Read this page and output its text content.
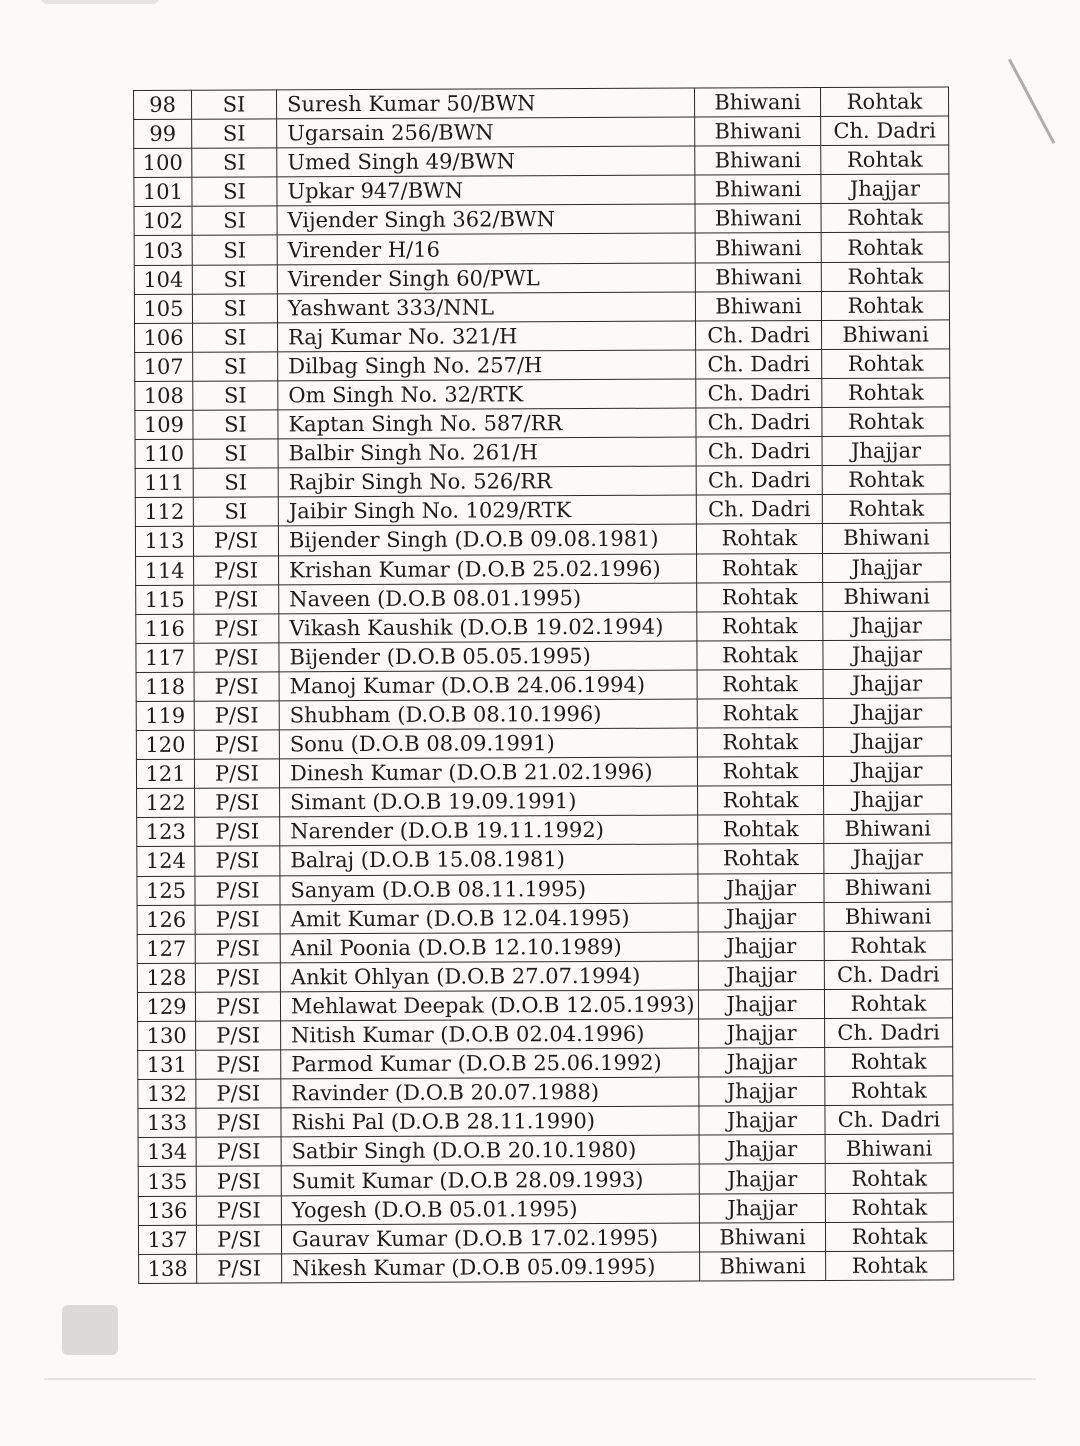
98	SI	Suresh Kumar 50/BWN	Bhiwani	Rohtak
99	SI	Ugarsain 256/BWN	Bhiwani	Ch. Dadri
100	SI	Umed Singh 49/BWN	Bhiwani	Rohtak
101	SI	Upkar 947/BWN	Bhiwani	Jhajjar
102	SI	Vijender Singh 362/BWN	Bhiwani	Rohtak
103	SI	Virender H/16	Bhiwani	Rohtak
104	SI	Virender Singh 60/PWL	Bhiwani	Rohtak
105	SI	Yashwant 333/NNL	Bhiwani	Rohtak
106	SI	Raj Kumar No. 321/H	Ch. Dadri	Bhiwani
107	SI	Dilbag Singh No. 257/H	Ch. Dadri	Rohtak
108	SI	Om Singh No. 32/RTK	Ch. Dadri	Rohtak
109	SI	Kaptan Singh No. 587/RR	Ch. Dadri	Rohtak
110	SI	Balbir Singh No. 261/H	Ch. Dadri	Jhajjar
111	SI	Rajbir Singh No. 526/RR	Ch. Dadri	Rohtak
112	SI	Jaibir Singh No. 1029/RTK	Ch. Dadri	Rohtak
113	P/SI	Bijender Singh (D.O.B 09.08.1981)	Rohtak	Bhiwani
114	P/SI	Krishan Kumar (D.O.B 25.02.1996)	Rohtak	Jhajjar
115	P/SI	Naveen (D.O.B 08.01.1995)	Rohtak	Bhiwani
116	P/SI	Vikash Kaushik (D.O.B 19.02.1994)	Rohtak	Jhajjar
117	P/SI	Bijender (D.O.B 05.05.1995)	Rohtak	Jhajjar
118	P/SI	Manoj Kumar (D.O.B 24.06.1994)	Rohtak	Jhajjar
119	P/SI	Shubham (D.O.B 08.10.1996)	Rohtak	Jhajjar
120	P/SI	Sonu (D.O.B 08.09.1991)	Rohtak	Jhajjar
121	P/SI	Dinesh Kumar (D.O.B 21.02.1996)	Rohtak	Jhajjar
122	P/SI	Simant (D.O.B 19.09.1991)	Rohtak	Jhajjar
123	P/SI	Narender (D.O.B 19.11.1992)	Rohtak	Bhiwani
124	P/SI	Balraj (D.O.B 15.08.1981)	Rohtak	Jhajjar
125	P/SI	Sanyam (D.O.B 08.11.1995)	Jhajjar	Bhiwani
126	P/SI	Amit Kumar (D.O.B 12.04.1995)	Jhajjar	Bhiwani
127	P/SI	Anil Poonia (D.O.B 12.10.1989)	Jhajjar	Rohtak
128	P/SI	Ankit Ohlyan (D.O.B 27.07.1994)	Jhajjar	Ch. Dadri
129	P/SI	Mehlawat Deepak (D.O.B 12.05.1993)	Jhajjar	Rohtak
130	P/SI	Nitish Kumar (D.O.B 02.04.1996)	Jhajjar	Ch. Dadri
131	P/SI	Parmod Kumar (D.O.B 25.06.1992)	Jhajjar	Rohtak
132	P/SI	Ravinder (D.O.B 20.07.1988)	Jhajjar	Rohtak
133	P/SI	Rishi Pal (D.O.B 28.11.1990)	Jhajjar	Ch. Dadri
134	P/SI	Satbir Singh (D.O.B 20.10.1980)	Jhajjar	Bhiwani
135	P/SI	Sumit Kumar (D.O.B 28.09.1993)	Jhajjar	Rohtak
136	P/SI	Yogesh (D.O.B 05.01.1995)	Jhajjar	Rohtak
137	P/SI	Gaurav Kumar (D.O.B 17.02.1995)	Bhiwani	Rohtak
138	P/SI	Nikesh Kumar (D.O.B 05.09.1995)	Bhiwani	Rohtak
